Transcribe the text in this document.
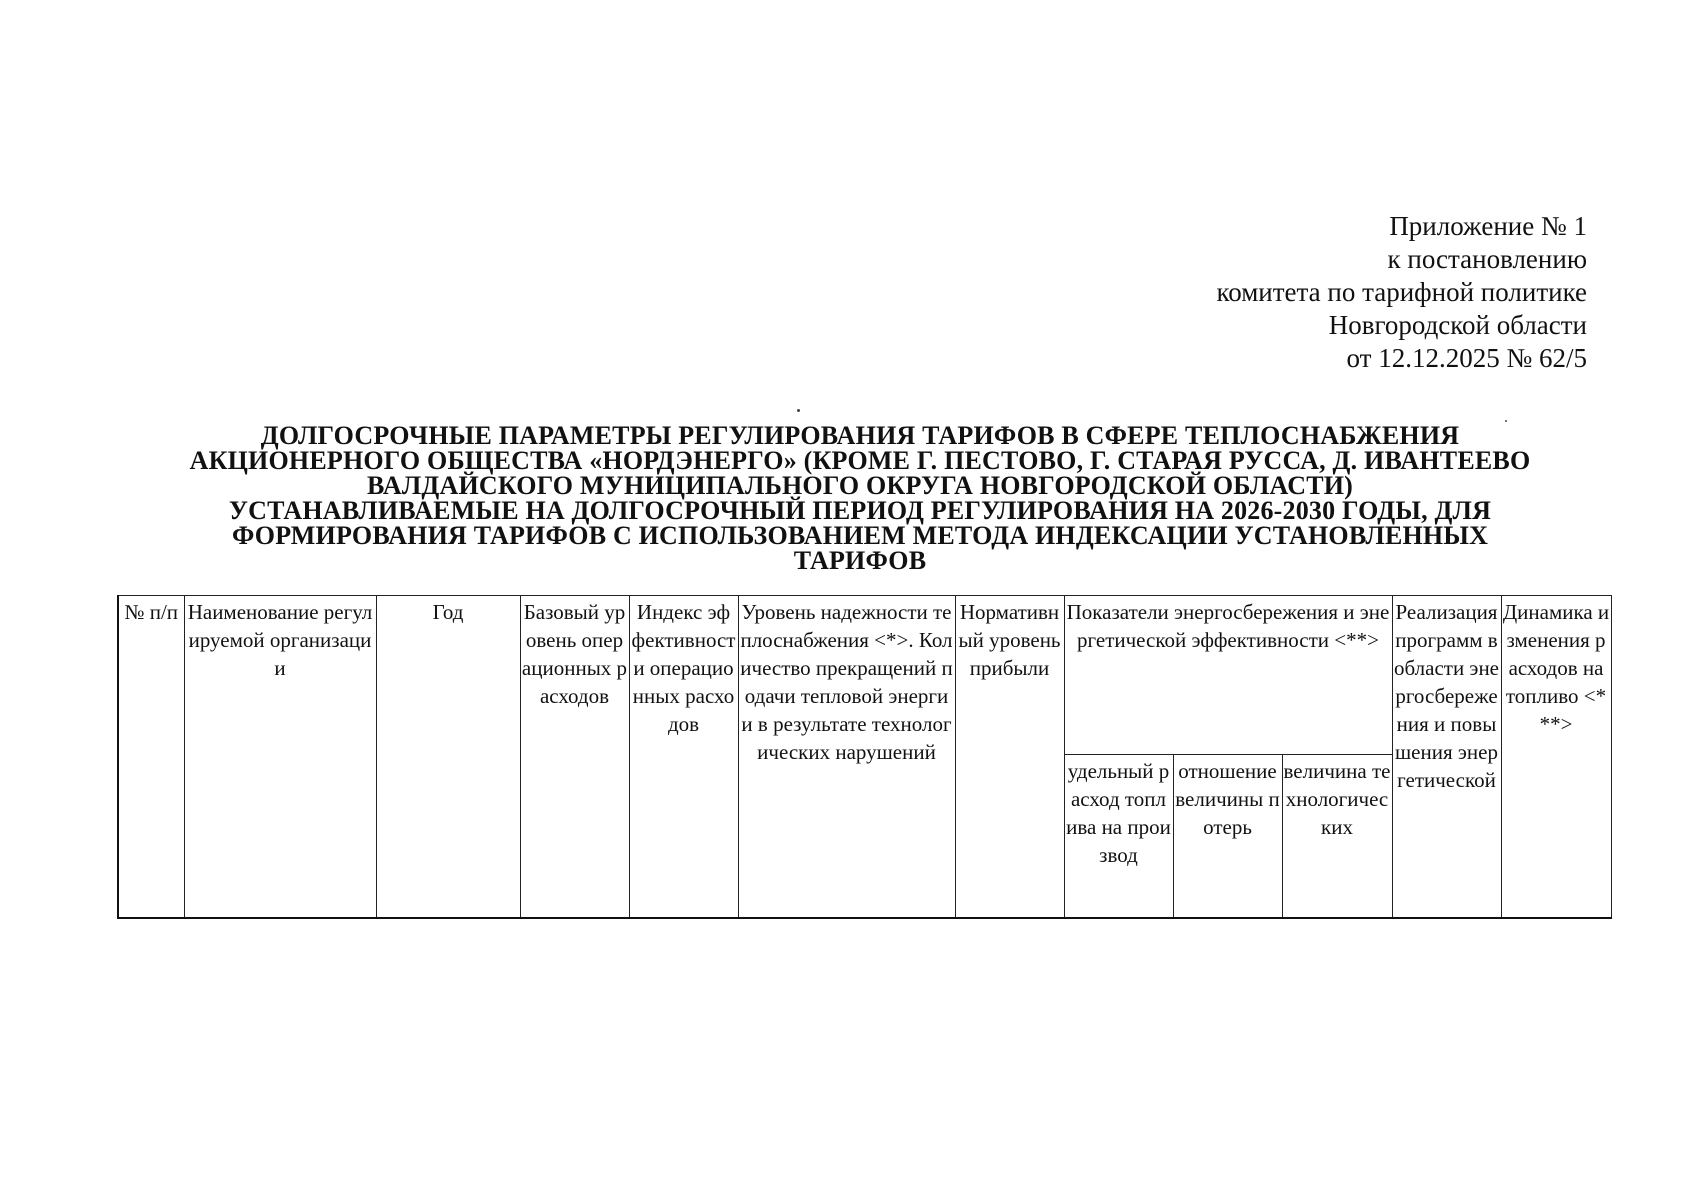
Приложение № 1
к постановлению
комитета по тарифной политике
Новгородской области
от 12.12.2025 № 62/5
ДОЛГОСРОЧНЫЕ ПАРАМЕТРЫ РЕГУЛИРОВАНИЯ ТАРИФОВ В СФЕРЕ ТЕПЛОСНАБЖЕНИЯ
АКЦИОНЕРНОГО ОБЩЕСТВА «НОРДЭНЕРГО» (КРОМЕ Г. ПЕСТОВО, Г. СТАРАЯ РУССА, Д. ИВАНТЕЕВО
ВАЛДАЙСКОГО МУНИЦИПАЛЬНОГО ОКРУГА НОВГОРОДСКОЙ ОБЛАСТИ)
УСТАНАВЛИВАЕМЫЕ НА ДОЛГОСРОЧНЫЙ ПЕРИОД РЕГУЛИРОВАНИЯ НА 2026-2030 ГОДЫ, ДЛЯ
ФОРМИРОВАНИЯ ТАРИФОВ С ИСПОЛЬЗОВАНИЕМ МЕТОДА ИНДЕКСАЦИИ УСТАНОВЛЕННЫХ
ТАРИФОВ
№ п/п	Наименование регулируемой организации	Год	Базовый уровень операционных расходов	Индекс эффективности операционных расходов	Уровень надежности теплоснабжения <*>. Количество прекращений подачи тепловой энергии в результате технологических нарушений	Нормативный уровень прибыли	Показатели энергосбережения и энергетической эффективности <**>			Реализация программ в области энергосбережения и повышения энергетической	Динамика изменения расходов на топливо <***>
							удельный расход топлива на производ	отношение величины потерь	величина технологических		
